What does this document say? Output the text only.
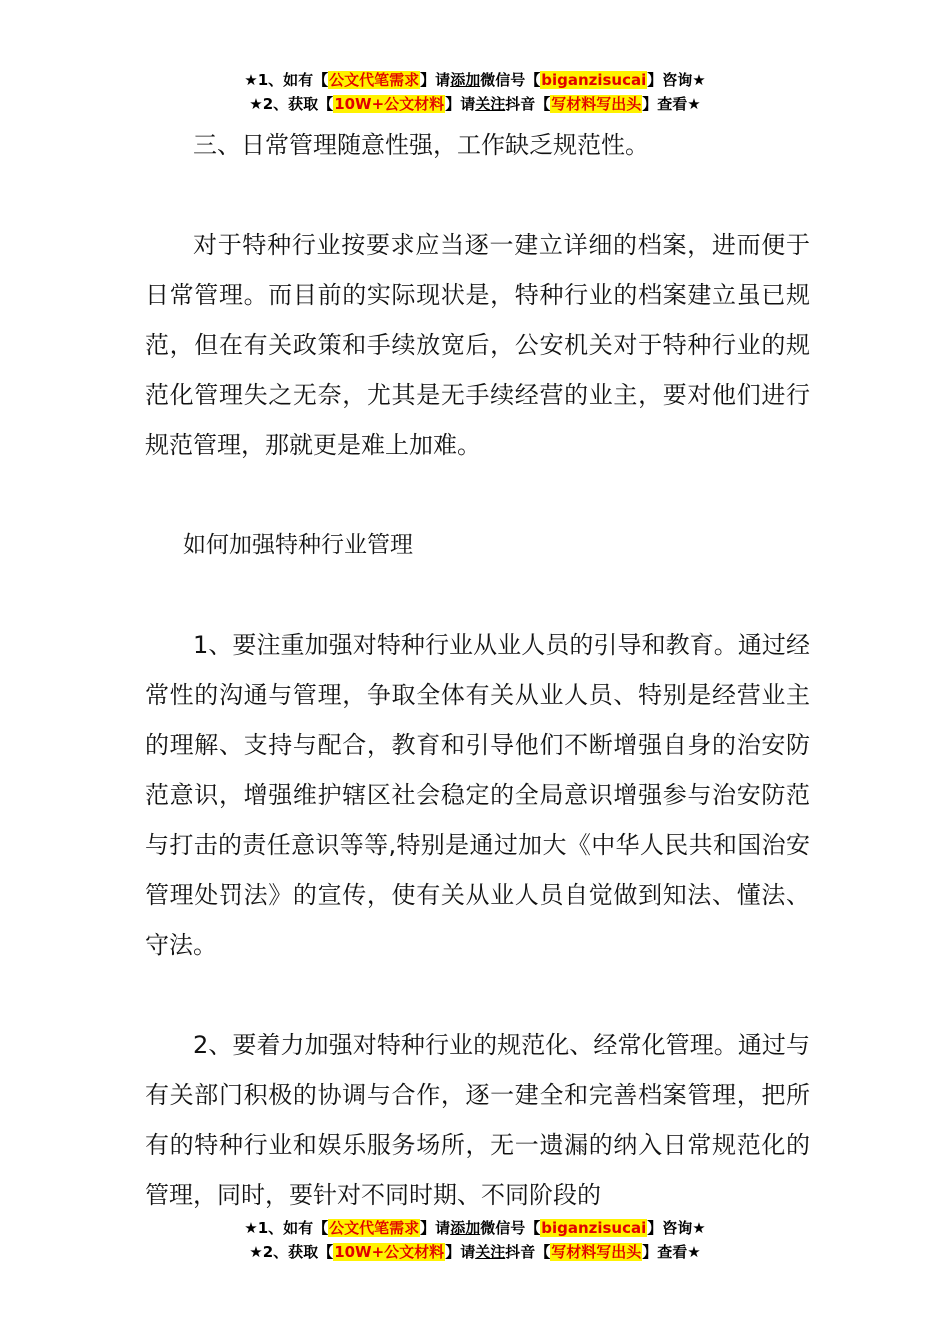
★1、如有【公文代笔需求】请添加微信号【biganzisucai】咨询★
★2、获取【10W+公文材料】请关注抖音【写材料写出头】查看★

三、日常管理随意性强，工作缺乏规范性。

对于特种行业按要求应当逐一建立详细的档案，进而便于日常管理。而目前的实际现状是，特种行业的档案建立虽已规范，但在有关政策和手续放宽后，公安机关对于特种行业的规范化管理失之无奈，尤其是无手续经营的业主，要对他们进行规范管理，那就更是难上加难。

如何加强特种行业管理

1、要注重加强对特种行业从业人员的引导和教育。通过经常性的沟通与管理，争取全体有关从业人员、特别是经营业主的理解、支持与配合，教育和引导他们不断增强自身的治安防范意识，增强维护辖区社会稳定的全局意识增强参与治安防范与打击的责任意识等等,特别是通过加大《中华人民共和国治安管理处罚法》的宣传，使有关从业人员自觉做到知法、懂法、守法。

2、要着力加强对特种行业的规范化、经常化管理。通过与有关部门积极的协调与合作，逐一建全和完善档案管理，把所有的特种行业和娱乐服务场所，无一遗漏的纳入日常规范化的管理，同时，要针对不同时期、不同阶段的

★1、如有【公文代笔需求】请添加微信号【biganzisucai】咨询★
★2、获取【10W+公文材料】请关注抖音【写材料写出头】查看★
